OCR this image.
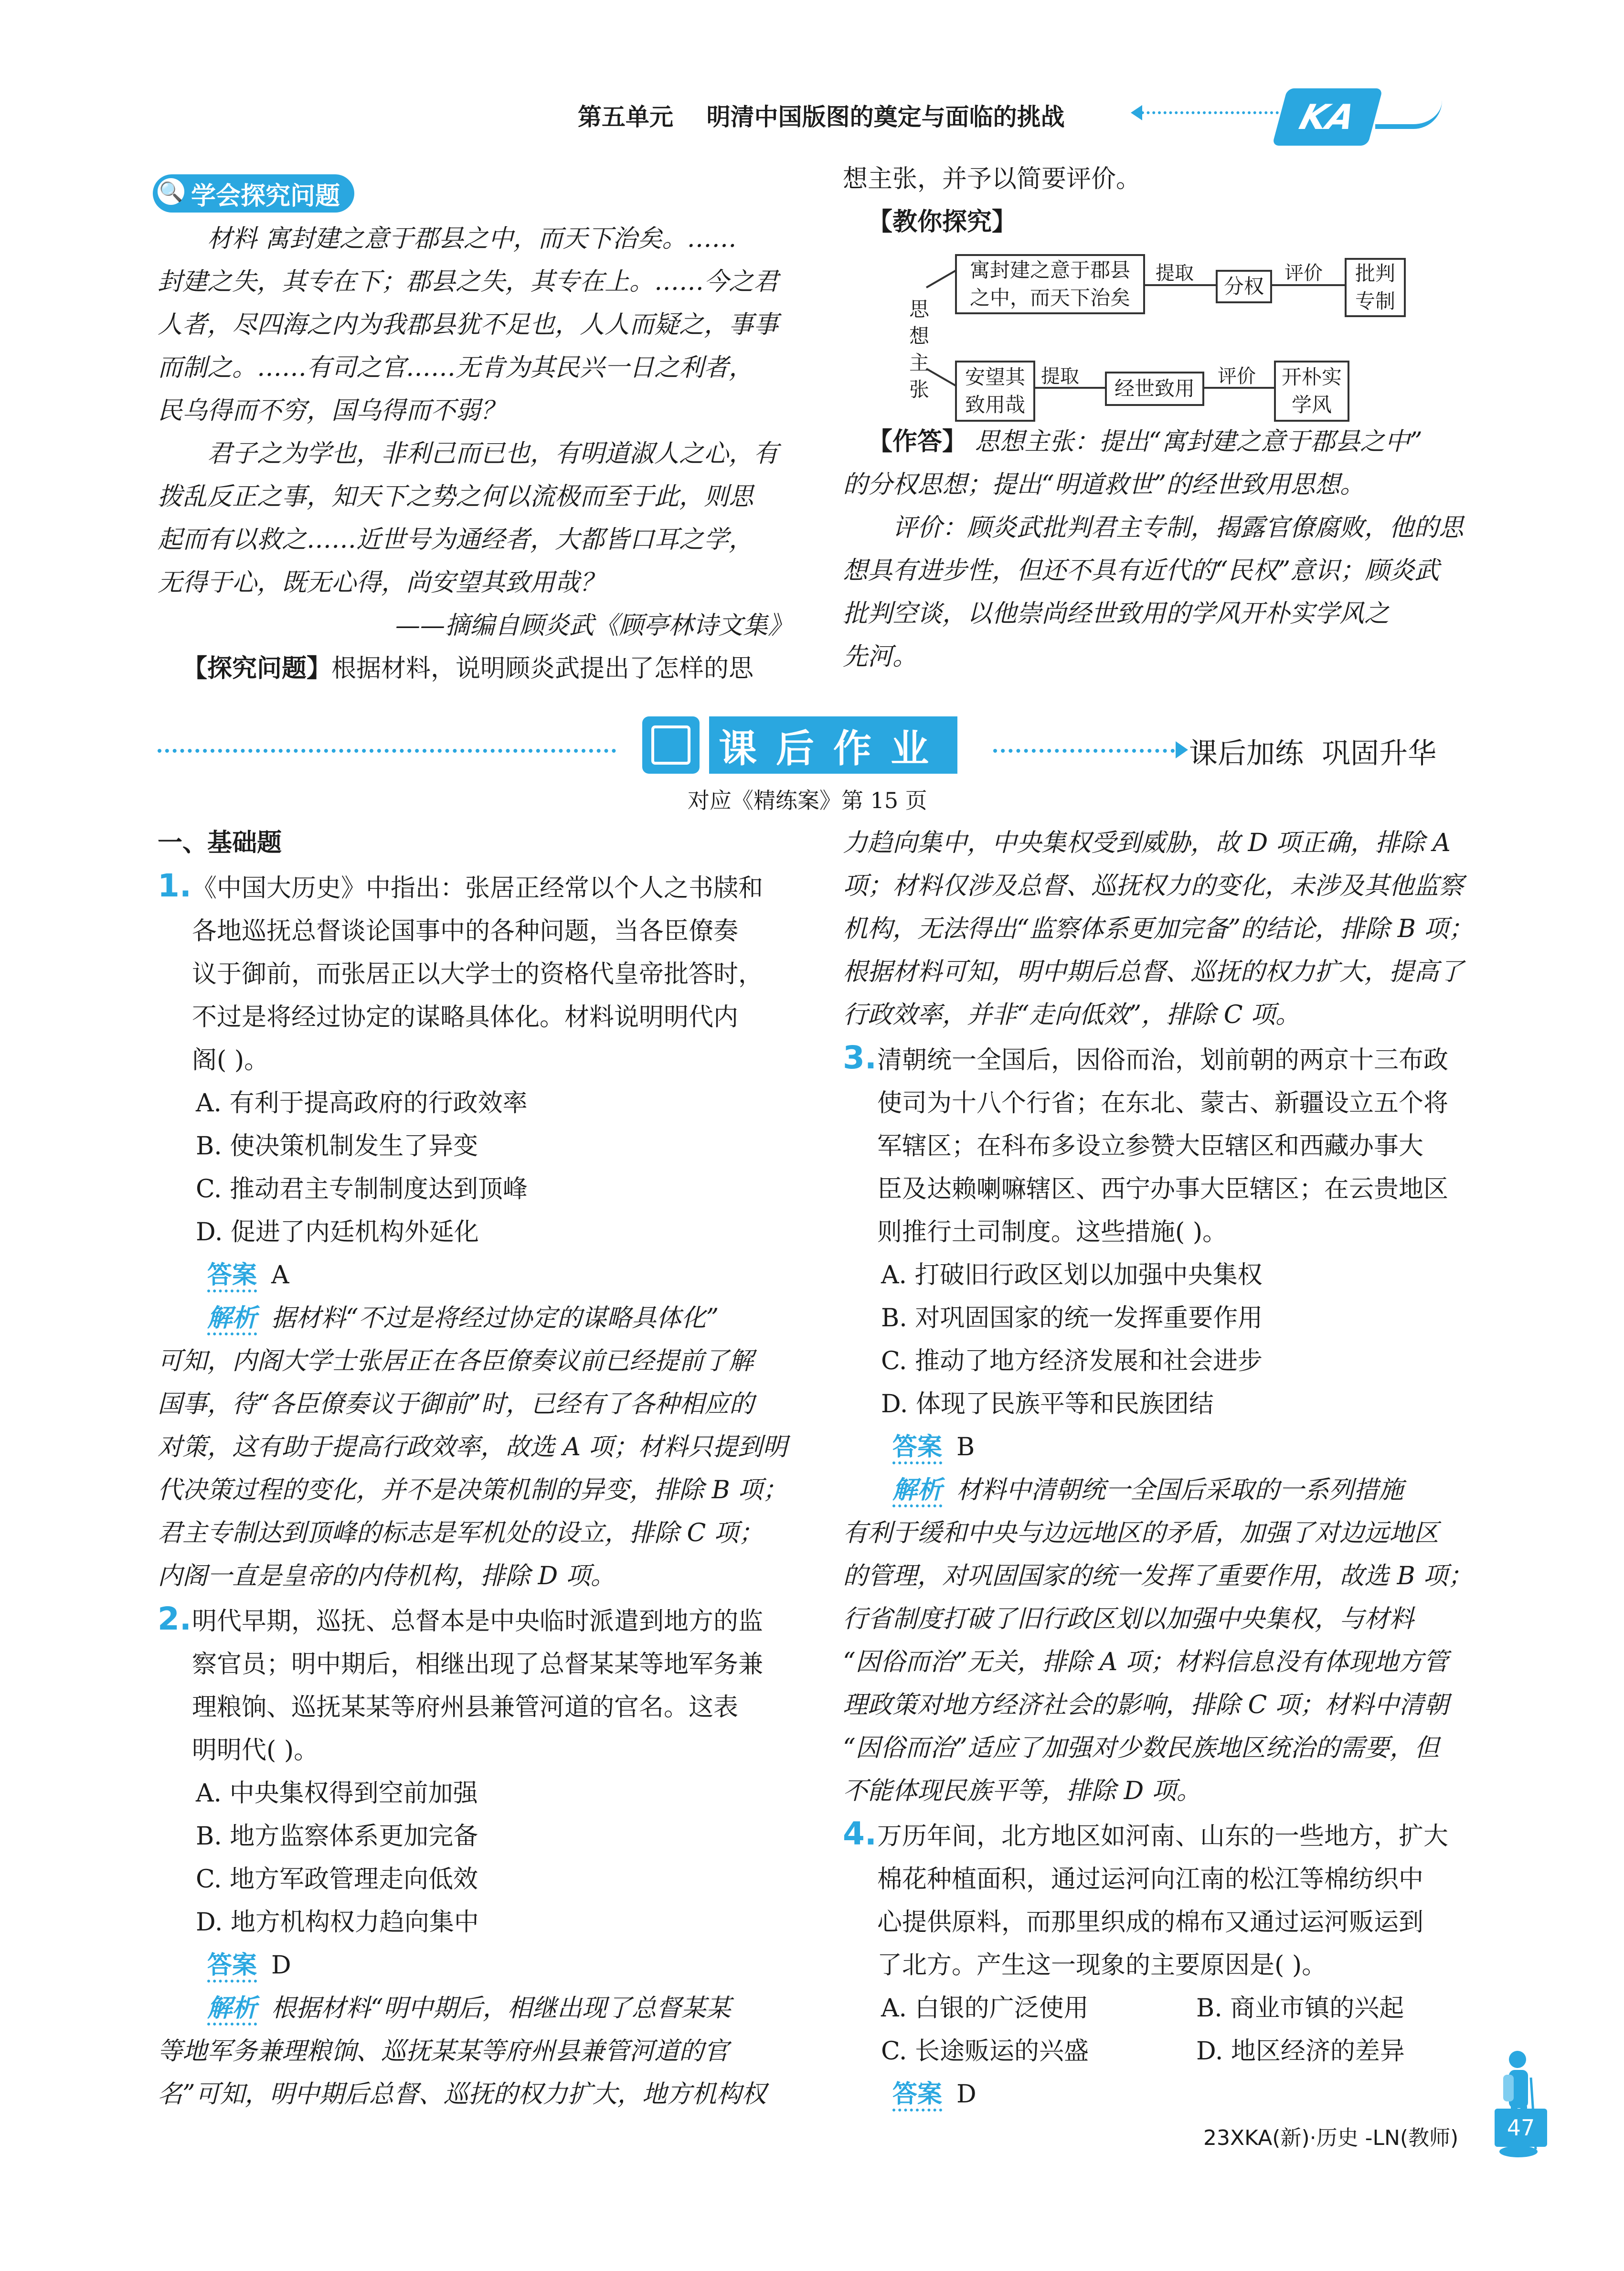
第五单元    明清中国版图的奠定与面临的挑战	KA
🔍 学会探究问题
材料 寓封建之意于郡县之中，而天下治矣。……
封建之失，其专在下；郡县之失，其专在上。……今之君
人者，尽四海之内为我郡县犹不足也，人人而疑之，事事
而制之。……有司之官……无肯为其民兴一日之利者，
民乌得而不穷，国乌得而不弱？
君子之为学也，非利己而已也，有明道淑人之心，有
拨乱反正之事，知天下之势之何以流极而至于此，则思
起而有以救之……近世号为通经者，大都皆口耳之学，
无得于心，既无心得，尚安望其致用哉？
——摘编自顾炎武《顾亭林诗文集》
【探究问题】根据材料，说明顾炎武提出了怎样的思
想主张，并予以简要评价。
【教你探究】
思想主张
寓封建之意于郡县之中，而天下治矣
提取
分权
评价	批判专制
安望其致用哉
提取
经世致用
评价 开朴实学风
【作答】 思想主张：提出“寓封建之意于郡县之中”
的分权思想；提出“明道救世”的经世致用思想。
评价：顾炎武批判君主专制，揭露官僚腐败，他的思
想具有进步性，但还不具有近代的“民权”意识；顾炎武
批判空谈，以他崇尚经世致用的学风开朴实学风之
先河。
课后作业	课后加练  巩固升华
对应《精练案》第 15 页
一、基础题
1.《中国大历史》中指出：张居正经常以个人之书牍和
各地巡抚总督谈论国事中的各种问题，当各臣僚奏
议于御前，而张居正以大学士的资格代皇帝批答时，
不过是将经过协定的谋略具体化。材料说明明代内
阁( )。
A. 有利于提高政府的行政效率
B. 使决策机制发生了异变
C. 推动君主专制制度达到顶峰
D. 促进了内廷机构外延化
答案 A
解析 据材料“不过是将经过协定的谋略具体化”
可知，内阁大学士张居正在各臣僚奏议前已经提前了解
国事，待“各臣僚奏议于御前”时，已经有了各种相应的
对策，这有助于提高行政效率，故选 A 项；材料只提到明
代决策过程的变化，并不是决策机制的异变，排除 B 项；
君主专制达到顶峰的标志是军机处的设立，排除 C 项；
内阁一直是皇帝的内侍机构，排除 D 项。
2.明代早期，巡抚、总督本是中央临时派遣到地方的监
察官员；明中期后，相继出现了总督某某等地军务兼
理粮饷、巡抚某某等府州县兼管河道的官名。这表
明明代( )。
A. 中央集权得到空前加强
B. 地方监察体系更加完备
C. 地方军政管理走向低效
D. 地方机构权力趋向集中
答案 D
解析 根据材料“明中期后，相继出现了总督某某
等地军务兼理粮饷、巡抚某某等府州县兼管河道的官
名”可知，明中期后总督、巡抚的权力扩大，地方机构权
力趋向集中，中央集权受到威胁，故 D 项正确，排除 A
项；材料仅涉及总督、巡抚权力的变化，未涉及其他监察
机构，无法得出“监察体系更加完备”的结论，排除 B 项；
根据材料可知，明中期后总督、巡抚的权力扩大，提高了
行政效率，并非“走向低效”，排除 C 项。
3.清朝统一全国后，因俗而治，划前朝的两京十三布政
使司为十八个行省；在东北、蒙古、新疆设立五个将
军辖区；在科布多设立参赞大臣辖区和西藏办事大
臣及达赖喇嘛辖区、西宁办事大臣辖区；在云贵地区
则推行土司制度。这些措施( )。
A. 打破旧行政区划以加强中央集权
B. 对巩固国家的统一发挥重要作用
C. 推动了地方经济发展和社会进步
D. 体现了民族平等和民族团结
答案 B
解析 材料中清朝统一全国后采取的一系列措施
有利于缓和中央与边远地区的矛盾，加强了对边远地区
的管理，对巩固国家的统一发挥了重要作用，故选 B 项；
行省制度打破了旧行政区划以加强中央集权，与材料
“因俗而治”无关，排除 A 项；材料信息没有体现地方管
理政策对地方经济社会的影响，排除 C 项；材料中清朝
“因俗而治”适应了加强对少数民族地区统治的需要，但
不能体现民族平等，排除 D 项。
4.万历年间，北方地区如河南、山东的一些地方，扩大
棉花种植面积，通过运河向江南的松江等棉纺织中
心提供原料，而那里织成的棉布又通过运河贩运到
了北方。产生这一现象的主要原因是( )。
A. 白银的广泛使用	B. 商业市镇的兴起
C. 长途贩运的兴盛	D. 地区经济的差异
答案 D
23XKA(新)·历史 -LN(教师) 47
